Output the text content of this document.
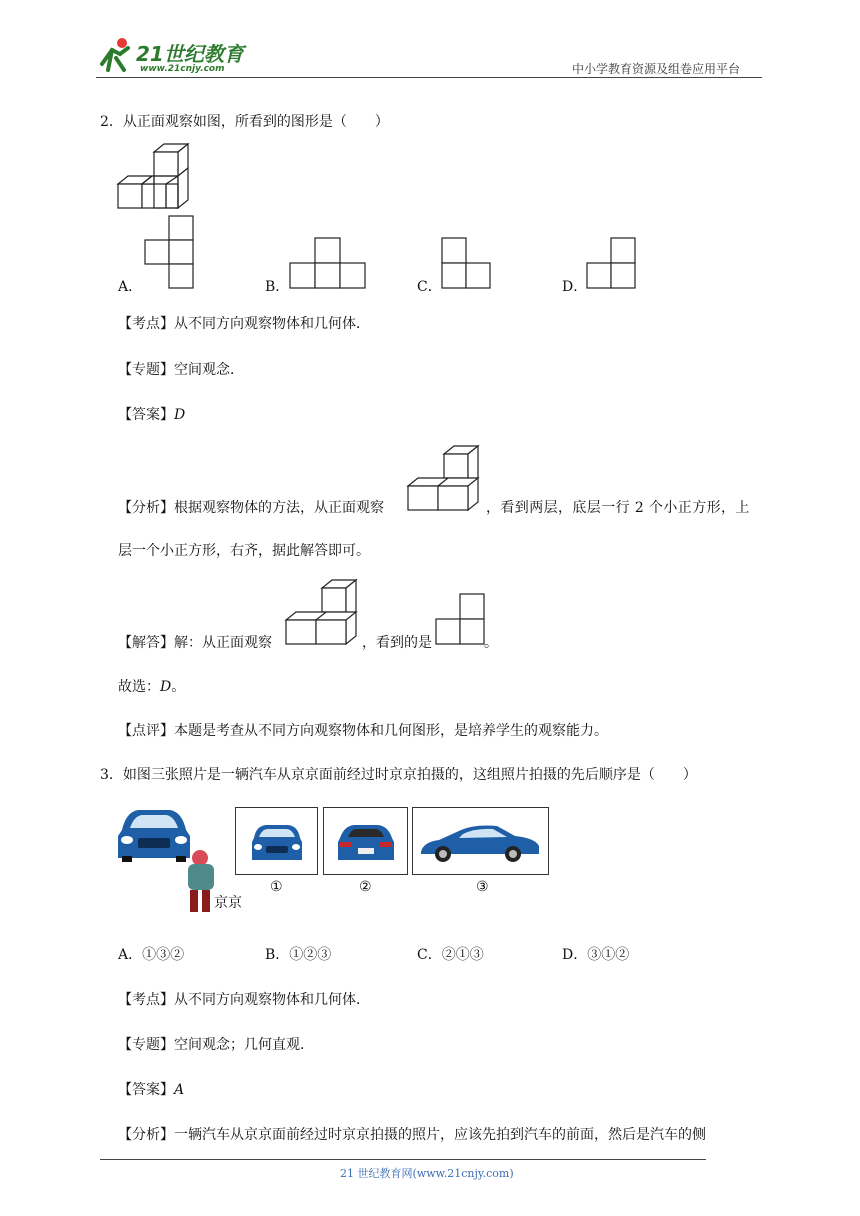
21世纪教育
www.21cnjy.com	中小学教育资源及组卷应用平台
2．从正面观察如图，所看到的图形是（　　）
A．	B．	C．	D．
【考点】从不同方向观察物体和几何体．
【专题】空间观念．
【答案】D
【分析】根据观察物体的方法，从正面观察	，看到两层，底层一行 2 个小正方形，上
层一个小正方形，右齐，据此解答即可。
【解答】解：从正面观察	，看到的是	。
故选：D。
【点评】本题是考查从不同方向观察物体和几何图形，是培养学生的观察能力。
3．如图三张照片是一辆汽车从京京面前经过时京京拍摄的，这组照片拍摄的先后顺序是（　　）
京京
①	②	③
A．①③②	B．①②③	C．②①③	D．③①②
【考点】从不同方向观察物体和几何体．
【专题】空间观念；几何直观．
【答案】A
【分析】一辆汽车从京京面前经过时京京拍摄的照片，应该先拍到汽车的前面，然后是汽车的侧
21 世纪教育网(www.21cnjy.com)
